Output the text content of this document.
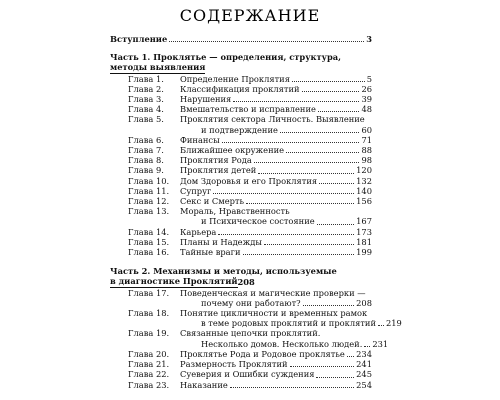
СОДЕРЖАНИЕ
Вступление	3
Часть 1. Проклятье — определения, структура,
методы выявления
Глава 1.	Определение Проклятия	5
Глава 2.	Классификация проклятий	26
Глава 3.	Нарушения	39
Глава 4.	Вмешательство и исправление	48
Глава 5.	Проклятия сектора Личность. Выявление
и подтверждение	60
Глава 6.	Финансы	71
Глава 7.	Ближайшее окружение	88
Глава 8.	Проклятия Рода	98
Глава 9.	Проклятия детей	120
Глава 10.	Дом Здоровья и его Проклятия	132
Глава 11.	Супруг	140
Глава 12.	Секс и Смерть	156
Глава 13.	Мораль, Нравственность
и Психическое состояние	167
Глава 14.	Карьера	173
Глава 15.	Планы и Надежды	181
Глава 16.	Тайные враги	199
Часть 2. Механизмы и методы, используемые
в диагностике Проклятий 208
Глава 17.	Поведенческая и магические проверки —
почему они работают?	208
Глава 18.	Понятие цикличности и временных рамок
в теме родовых проклятий и проклятий 219
Глава 19.	Связанные цепочки проклятий.
Несколько домов. Несколько людей. 231
Глава 20.	Проклятье Рода и Родовое проклятье 234
Глава 21.	Размерность Проклятий	241
Глава 22.	Суеверия и Ошибки суждения	245
Глава 23.	Наказание	254
